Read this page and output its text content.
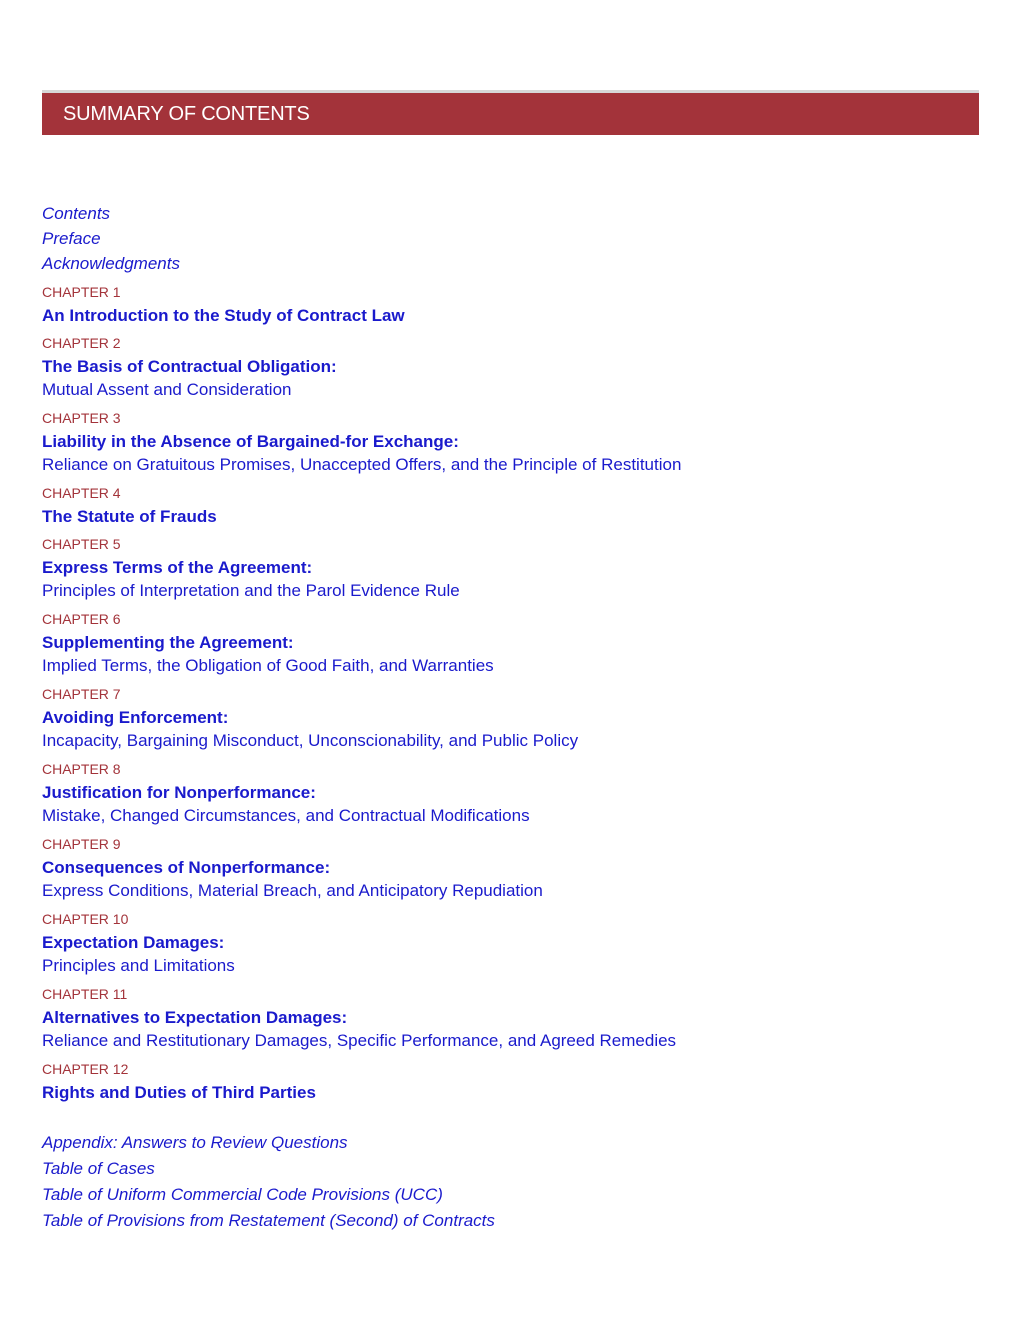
SUMMARY OF CONTENTS
Contents
Preface
Acknowledgments
CHAPTER 1
An Introduction to the Study of Contract Law
CHAPTER 2
The Basis of Contractual Obligation:
Mutual Assent and Consideration
CHAPTER 3
Liability in the Absence of Bargained-for Exchange:
Reliance on Gratuitous Promises, Unaccepted Offers, and the Principle of Restitution
CHAPTER 4
The Statute of Frauds
CHAPTER 5
Express Terms of the Agreement:
Principles of Interpretation and the Parol Evidence Rule
CHAPTER 6
Supplementing the Agreement:
Implied Terms, the Obligation of Good Faith, and Warranties
CHAPTER 7
Avoiding Enforcement:
Incapacity, Bargaining Misconduct, Unconscionability, and Public Policy
CHAPTER 8
Justification for Nonperformance:
Mistake, Changed Circumstances, and Contractual Modifications
CHAPTER 9
Consequences of Nonperformance:
Express Conditions, Material Breach, and Anticipatory Repudiation
CHAPTER 10
Expectation Damages:
Principles and Limitations
CHAPTER 11
Alternatives to Expectation Damages:
Reliance and Restitutionary Damages, Specific Performance, and Agreed Remedies
CHAPTER 12
Rights and Duties of Third Parties
Appendix: Answers to Review Questions
Table of Cases
Table of Uniform Commercial Code Provisions (UCC)
Table of Provisions from Restatement (Second) of Contracts
